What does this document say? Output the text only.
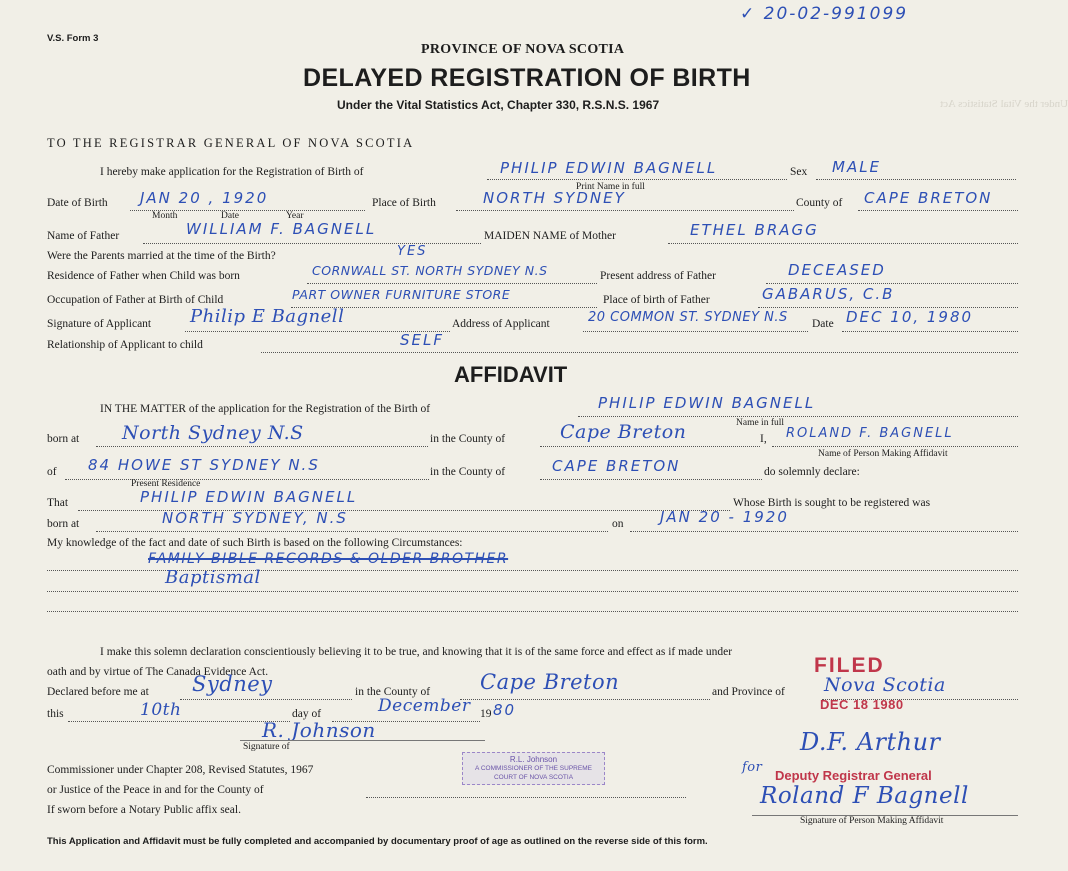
✓ 20-02-991099
Under the Vital Statistics Act
V.S. Form 3
PROVINCE OF NOVA SCOTIA
DELAYED REGISTRATION OF BIRTH
Under the Vital Statistics Act, Chapter 330, R.S.N.S. 1967
TO THE REGISTRAR GENERAL OF NOVA SCOTIA
I hereby make application for the Registration of Birth of	PHILIP EDWIN BAGNELL	Sex MALE
Print Name in full
Date of Birth JAN 20 , 1920
Month	Date	Year
Place of Birth	NORTH SYDNEY	County of CAPE BRETON
Name of Father	WILLIAM F. BAGNELL	MAIDEN NAME of Mother	ETHEL BRAGG
Were the Parents married at the time of the Birth?	YES
Residence of Father when Child was born	CORNWALL ST. NORTH SYDNEY N.S	Present address of Father	DECEASED
Occupation of Father at Birth of Child	PART OWNER FURNITURE STORE	Place of birth of Father	GABARUS, C.B
Signature of Applicant Philip E Bagnell	Address of Applicant	20 COMMON ST. SYDNEY N.S Date DEC 10, 1980
Relationship of Applicant to child	SELF
AFFIDAVIT
IN THE MATTER of the application for the Registration of the Birth of	PHILIP EDWIN BAGNELL
Name in full
born at North Sydney N.S	in the County of	Cape Breton	I, ROLAND F. BAGNELL
Name of Person Making Affidavit
of 84 HOWE ST SYDNEY N.S
Present Residence
in the County of	CAPE BRETON	do solemnly declare:
That	PHILIP EDWIN BAGNELL	Whose Birth is sought to be registered was
born at	NORTH SYDNEY, N.S	on JAN 20 - 1920
My knowledge of the fact and date of such Birth is based on the following Circumstances:
FAMILY BIBLE RECORDS & OLDER BROTHER
Baptismal
I make this solemn declaration conscientiously believing it to be true, and knowing that it is of the same force and effect as if made under
oath and by virtue of The Canada Evidence Act.
Declared before me at Sydney	in the County of Cape Breton	and Province of Nova Scotia
this	10th	day of	December 19 80
R. Johnson
Signature of
Commissioner under Chapter 208, Revised Statutes, 1967
or Justice of the Peace in and for the County of
If sworn before a Notary Public affix seal.
R.L. Johnson
A COMMISSIONER OF THE SUPREME
COURT OF NOVA SCOTIA
FILED
DEC 18 1980
D.F. Arthur
for
Deputy Registrar General
Roland F Bagnell
Signature of Person Making Affidavit
This Application and Affidavit must be fully completed and accompanied by documentary proof of age as outlined on the reverse side of this form.
